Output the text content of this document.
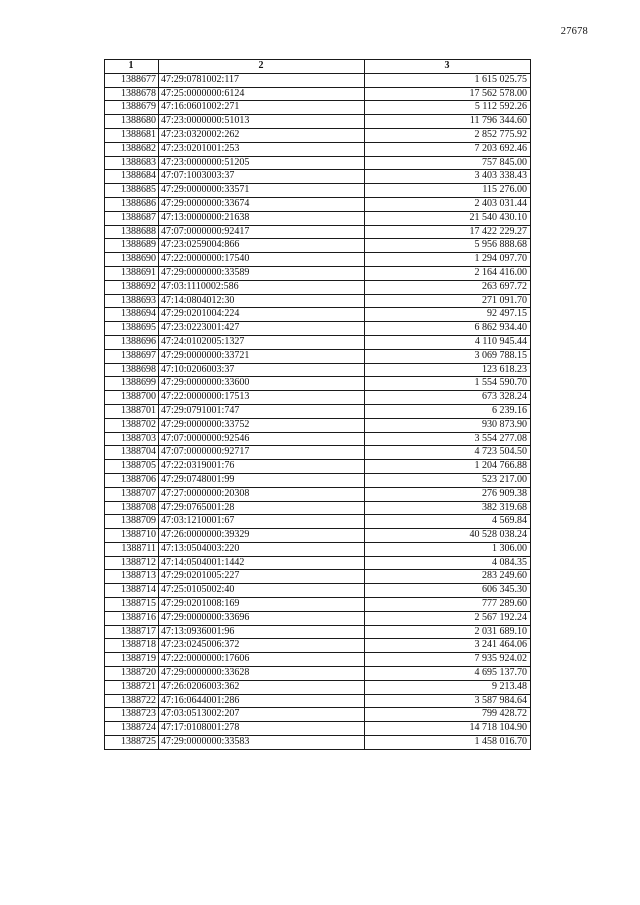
27678
1	2	3
1388677	47:29:0781002:117	1 615 025.75
1388678	47:25:0000000:6124	17 562 578.00
1388679	47:16:0601002:271	5 112 592.26
1388680	47:23:0000000:51013	11 796 344.60
1388681	47:23:0320002:262	2 852 775.92
1388682	47:23:0201001:253	7 203 692.46
1388683	47:23:0000000:51205	757 845.00
1388684	47:07:1003003:37	3 403 338.43
1388685	47:29:0000000:33571	115 276.00
1388686	47:29:0000000:33674	2 403 031.44
1388687	47:13:0000000:21638	21 540 430.10
1388688	47:07:0000000:92417	17 422 229.27
1388689	47:23:0259004:866	5 956 888.68
1388690	47:22:0000000:17540	1 294 097.70
1388691	47:29:0000000:33589	2 164 416.00
1388692	47:03:1110002:586	263 697.72
1388693	47:14:0804012:30	271 091.70
1388694	47:29:0201004:224	92 497.15
1388695	47:23:0223001:427	6 862 934.40
1388696	47:24:0102005:1327	4 110 945.44
1388697	47:29:0000000:33721	3 069 788.15
1388698	47:10:0206003:37	123 618.23
1388699	47:29:0000000:33600	1 554 590.70
1388700	47:22:0000000:17513	673 328.24
1388701	47:29:0791001:747	6 239.16
1388702	47:29:0000000:33752	930 873.90
1388703	47:07:0000000:92546	3 554 277.08
1388704	47:07:0000000:92717	4 723 504.50
1388705	47:22:0319001:76	1 204 766.88
1388706	47:29:0748001:99	523 217.00
1388707	47:27:0000000:20308	276 909.38
1388708	47:29:0765001:28	382 319.68
1388709	47:03:1210001:67	4 569.84
1388710	47:26:0000000:39329	40 528 038.24
1388711	47:13:0504003:220	1 306.00
1388712	47:14:0504001:1442	4 084.35
1388713	47:29:0201005:227	283 249.60
1388714	47:25:0105002:40	606 345.30
1388715	47:29:0201008:169	777 289.60
1388716	47:29:0000000:33696	2 567 192.24
1388717	47:13:0936001:96	2 031 689.10
1388718	47:23:0245006:372	3 241 464.06
1388719	47:22:0000000:17606	7 935 924.02
1388720	47:29:0000000:33628	4 695 137.70
1388721	47:26:0206003:362	9 213.48
1388722	47:16:0644001:286	3 587 984.64
1388723	47:03:0513002:207	799 428.72
1388724	47:17:0108001:278	14 718 104.90
1388725	47:29:0000000:33583	1 458 016.70
